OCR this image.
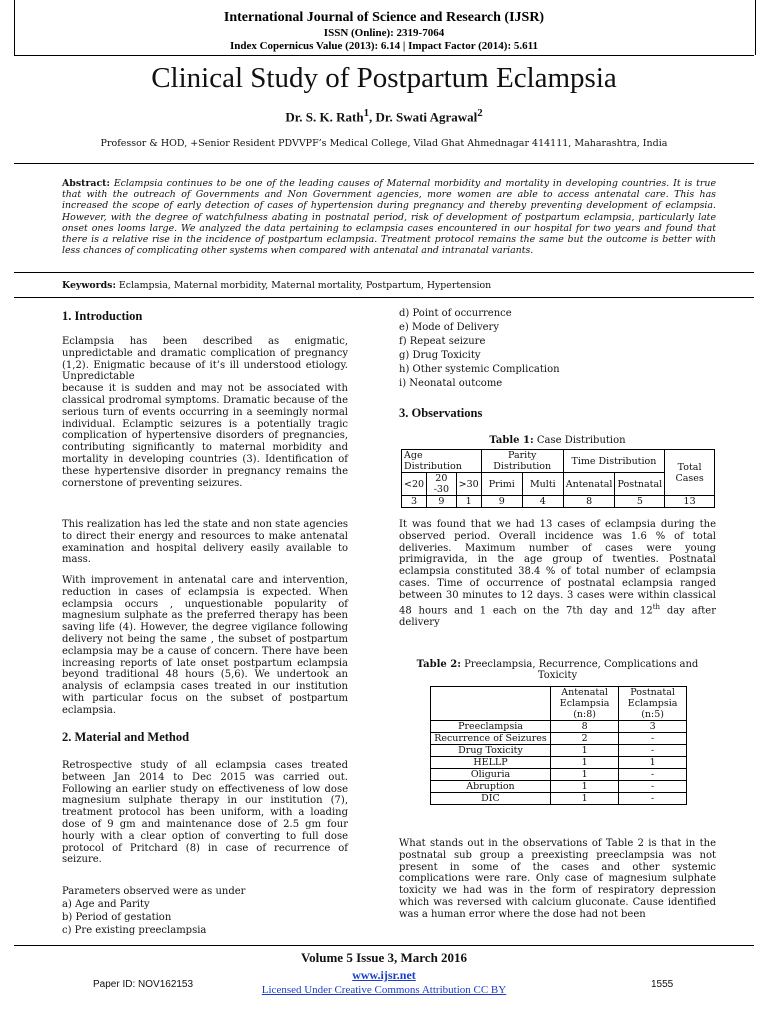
International Journal of Science and Research (IJSR)
ISSN (Online): 2319-7064
Index Copernicus Value (2013): 6.14 | Impact Factor (2014): 5.611
Clinical Study of Postpartum Eclampsia
Dr. S. K. Rath$^1$, Dr. Swati Agrawal$^2$
Professor & HOD, +Senior Resident PDVVPF’s Medical College, Vilad Ghat Ahmednagar 414111, Maharashtra, India
Abstract: Eclampsia continues to be one of the leading causes of Maternal morbidity and mortality in developing countries. It is true that with the outreach of Governments and Non Government agencies, more women are able to access antenatal care. This has increased the scope of early detection of cases of hypertension during pregnancy and thereby preventing development of eclampsia. However, with the degree of watchfulness abating in postnatal period, risk of development of postpartum eclampsia, particularly late onset ones looms large. We analyzed the data pertaining to eclampsia cases encountered in our hospital for two years and found that there is a relative rise in the incidence of postpartum eclampsia. Treatment protocol remains the same but the outcome is better with less chances of complicating other systems when compared with antenatal and intranatal variants.
Keywords: Eclampsia, Maternal morbidity, Maternal mortality, Postpartum, Hypertension
1. Introduction

Eclampsia has been described as enigmatic, unpredictable and dramatic complication of pregnancy (1,2). Enigmatic because of it’s ill understood etiology. Unpredictable

because it is sudden and may not be associated with classical prodromal symptoms. Dramatic because of the serious turn of events occurring in a seemingly normal individual. Eclamptic seizures is a potentially tragic complication of hypertensive disorders of pregnancies, contributing significantly to maternal morbidity and mortality in developing countries (3). Identification of these hypertensive disorder in pregnancy remains the cornerstone of preventing seizures.

This realization has led the state and non state agencies to direct their energy and resources to make antenatal examination and hospital delivery easily available to mass.

With improvement in antenatal care and intervention, reduction in cases of eclampsia is expected. When eclampsia occurs , unquestionable popularity of magnesium sulphate as the preferred therapy has been saving life (4). However, the degree vigilance following delivery not being the same , the subset of postpartum eclampsia may be a cause of concern. There have been increasing reports of late onset postpartum eclampsia beyond traditional 48 hours (5,6). We undertook an analysis of eclampsia cases treated in our institution with particular focus on the subset of postpartum eclampsia.

2. Material and Method

Retrospective study of all eclampsia cases treated between Jan 2014 to Dec 2015 was carried out. Following an earlier study on effectiveness of low dose magnesium sulphate therapy in our institution (7), treatment protocol has been uniform, with a loading dose of 9 gm and maintenance dose of 2.5 gm four hourly with a clear option of converting to full dose protocol of Pritchard (8) in case of recurrence of seizure.

Parameters observed were as under
a) Age and Parity
b) Period of gestation
c) Pre existing preeclampsia
d) Point of occurrence
e) Mode of Delivery
f) Repeat seizure
g) Drug Toxicity
h) Other systemic Complication
i) Neonatal outcome
3. Observations
Table 1: Case Distribution
Age Distribution			Parity Distribution		Time Distribution		Total Cases
<20	20 -30	>30	Primi	Multi	Antenatal	Postnatal	
3	9	1	9	4	8	5	13

It was found that we had 13 cases of eclampsia during the observed period. Overall incidence was 1.6 % of total deliveries. Maximum number of cases were young primigravida, in the age group of twenties. Postnatal eclampsia constituted 38.4 % of total number of eclampsia cases. Time of occurrence of postnatal eclampsia ranged between 30 minutes to 12 days. 3 cases were within classical 48 hours and 1 each on the 7th day and 12th day after delivery

Table 2: Preeclampsia, Recurrence, Complications and Toxicity
	Antenatal Eclampsia (n:8)	Postnatal Eclampsia (n:5)
Preeclampsia	8	3
Recurrence of Seizures	2	-
Drug Toxicity	1	-
HELLP	1	1
Oliguria	1	-
Abruption	1	-
DIC	1	-

What stands out in the observations of Table 2 is that in the postnatal sub group a preexisting preeclampsia was not present in some of the cases and other systemic complications were rare. Only case of magnesium sulphate toxicity we had was in the form of respiratory depression which was reversed with calcium gluconate. Cause identified was a human error where the dose had not been

Volume 5 Issue 3, March 2016
www.ijsr.net
Licensed Under Creative Commons Attribution CC BY
Paper ID: NOV162153	1555
